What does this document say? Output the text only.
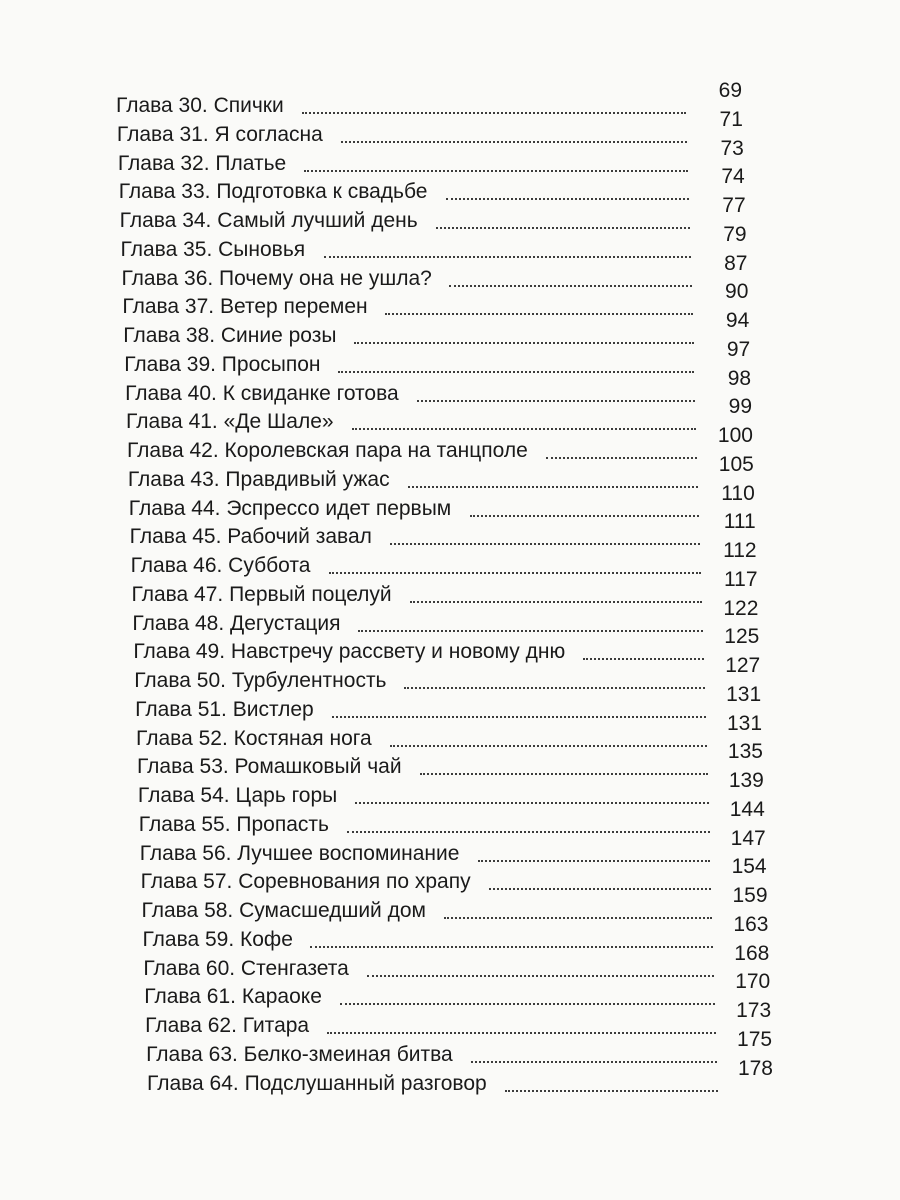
Глава 30. Спички
69
Глава 31. Я согласна
71
Глава 32. Платье
73
Глава 33. Подготовка к свадьбе
74
Глава 34. Самый лучший день
77
Глава 35. Сыновья
79
Глава 36. Почему она не ушла?
87
Глава 37. Ветер перемен
90
Глава 38. Синие розы
94
Глава 39. Просыпон
97
Глава 40. К свиданке готова
98
Глава 41. «Де Шале»
99
Глава 42. Королевская пара на танцполе
100
Глава 43. Правдивый ужас
105
Глава 44. Эспрессо идет первым
110
Глава 45. Рабочий завал
111
Глава 46. Суббота
112
Глава 47. Первый поцелуй
117
Глава 48. Дегустация
122
Глава 49. Навстречу рассвету и новому дню
125
Глава 50. Турбулентность
127
Глава 51. Вистлер
131
Глава 52. Костяная нога
131
Глава 53. Ромашковый чай
135
Глава 54. Царь горы
139
Глава 55. Пропасть
144
Глава 56. Лучшее воспоминание
147
Глава 57. Соревнования по храпу
154
Глава 58. Сумасшедший дом
159
Глава 59. Кофе
163
Глава 60. Стенгазета
168
Глава 61. Караоке
170
Глава 62. Гитара
173
Глава 63. Белко-змеиная битва
175
Глава 64. Подслушанный разговор
178
